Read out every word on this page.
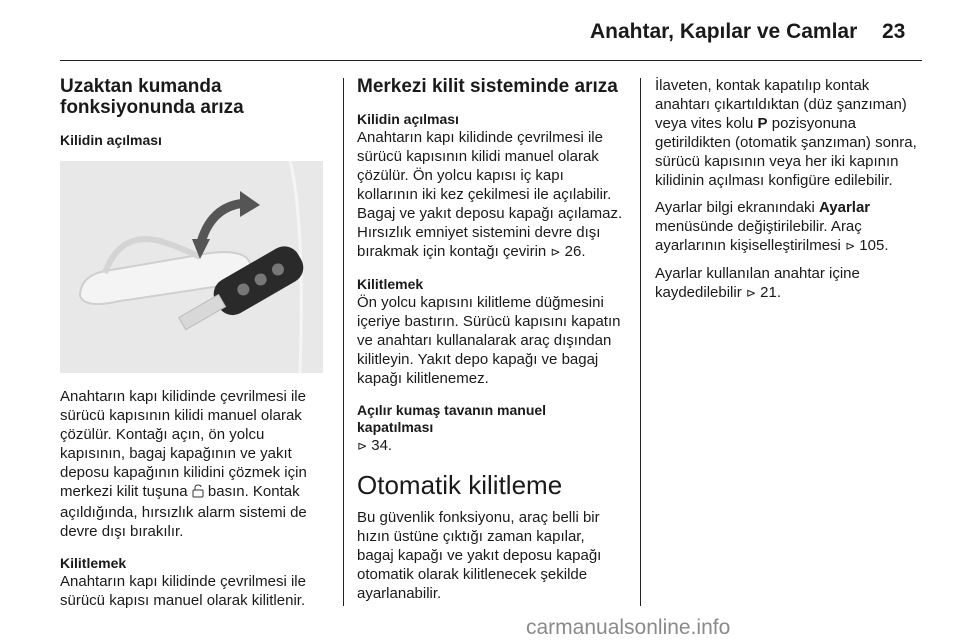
Anahtar, Kapılar ve Camlar 23
Uzaktan kumanda
fonksiyonunda arıza
Kilidin açılması

Anahtarın kapı kilidinde çevrilmesi ile sürücü kapısının kilidi manuel olarak çözülür. Kontağı açın, ön yolcu kapısının, bagaj kapağının ve yakıt deposu kapağının kilidini çözmek için merkezi kilit tuşuna  basın. Kontak açıldığında, hırsızlık alarm sistemi de devre dışı bırakılır.

Kilitlemek

Anahtarın kapı kilidinde çevrilmesi ile sürücü kapısı manuel olarak kilitlenir.

Merkezi kilit sisteminde arıza
Kilidin açılması

Anahtarın kapı kilidinde çevrilmesi ile sürücü kapısının kilidi manuel olarak çözülür. Ön yolcu kapısı iç kapı kollarının iki kez çekilmesi ile açılabilir. Bagaj ve yakıt deposu kapağı açılamaz. Hırsızlık emniyet sistemini devre dışı bırakmak için kontağı çevirin ⊳ 26.

Kilitlemek

Ön yolcu kapısını kilitleme düğmesini içeriye bastırın. Sürücü kapısını kapatın ve anahtarı kullanalarak araç dışından kilitleyin. Yakıt depo kapağı ve bagaj kapağı kilitlenemez.

Açılır kumaş tavanın manuel
kapatılması

⊳ 34.

Otomatik kilitleme

Bu güvenlik fonksiyonu, araç belli bir hızın üstüne çıktığı zaman kapılar, bagaj kapağı ve yakıt deposu kapağı otomatik olarak kilitlenecek şekilde ayarlanabilir.

İlaveten, kontak kapatılıp kontak anahtarı çıkartıldıktan (düz şanzıman) veya vites kolu P pozisyonuna getirildikten (otomatik şanzıman) sonra, sürücü kapısının veya her iki kapının kilidinin açılması konfigüre edilebilir.

Ayarlar bilgi ekranındaki Ayarlar menüsünde değiştirilebilir. Araç ayarlarının kişiselleştirilmesi ⊳ 105.

Ayarlar kullanılan anahtar içine kaydedilebilir ⊳ 21.

carmanualsonline.info
